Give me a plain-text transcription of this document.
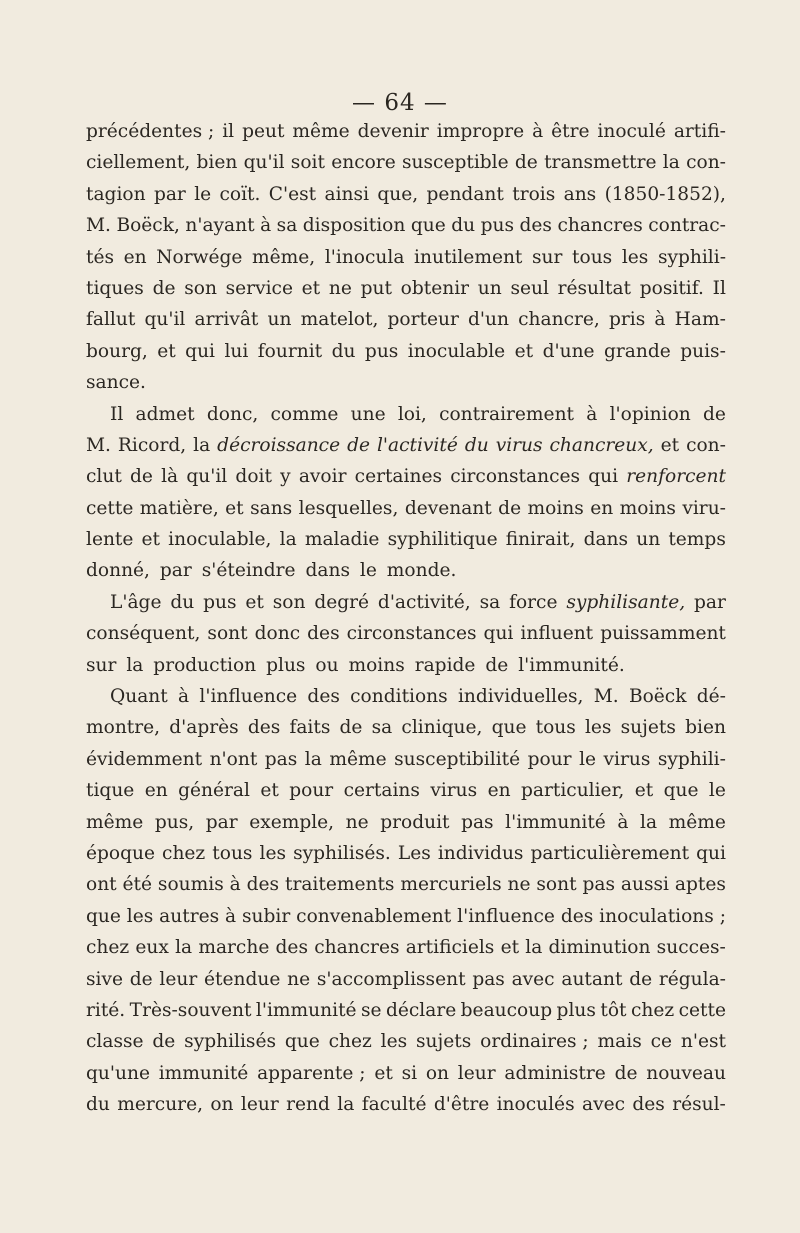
— 64 —
précédentes ; il peut même devenir impropre à être inoculé artifi-
ciellement, bien qu'il soit encore susceptible de transmettre la con-
tagion par le coït. C'est ainsi que, pendant trois ans (1850-1852),
M. Boëck, n'ayant à sa disposition que du pus des chancres contrac-
tés en Norwége même, l'inocula inutilement sur tous les syphili-
tiques de son service et ne put obtenir un seul résultat positif. Il
fallut qu'il arrivât un matelot, porteur d'un chancre, pris à Ham-
bourg, et qui lui fournit du pus inoculable et d'une grande puis-
sance.
Il admet donc, comme une loi, contrairement à l'opinion de
M. Ricord, la décroissance de l'activité du virus chancreux, et con-
clut de là qu'il doit y avoir certaines circonstances qui renforcent
cette matière, et sans lesquelles, devenant de moins en moins viru-
lente et inoculable, la maladie syphilitique finirait, dans un temps
donné,
par
s'éteindre
dans
le
monde.
L'âge du pus et son degré d'activité, sa force syphilisante, par
conséquent, sont donc des circonstances qui influent puissamment
sur
la
production
plus
ou
moins
rapide
de
l'immunité.
Quant à l'influence des conditions individuelles, M. Boëck dé-
montre, d'après des faits de sa clinique, que tous les sujets bien
évidemment n'ont pas la même susceptibilité pour le virus syphili-
tique en général et pour certains virus en particulier, et que le
même pus, par exemple, ne produit pas l'immunité à la même
époque chez tous les syphilisés. Les individus particulièrement qui
ont été soumis à des traitements mercuriels ne sont pas aussi aptes
que les autres à subir convenablement l'influence des inoculations ;
chez eux la marche des chancres artificiels et la diminution succes-
sive de leur étendue ne s'accomplissent pas avec autant de régula-
rité. Très-souvent l'immunité se déclare beaucoup plus tôt chez cette
classe de syphilisés que chez les sujets ordinaires ; mais ce n'est
qu'une immunité apparente ; et si on leur administre de nouveau
du mercure, on leur rend la faculté d'être inoculés avec des résul-
